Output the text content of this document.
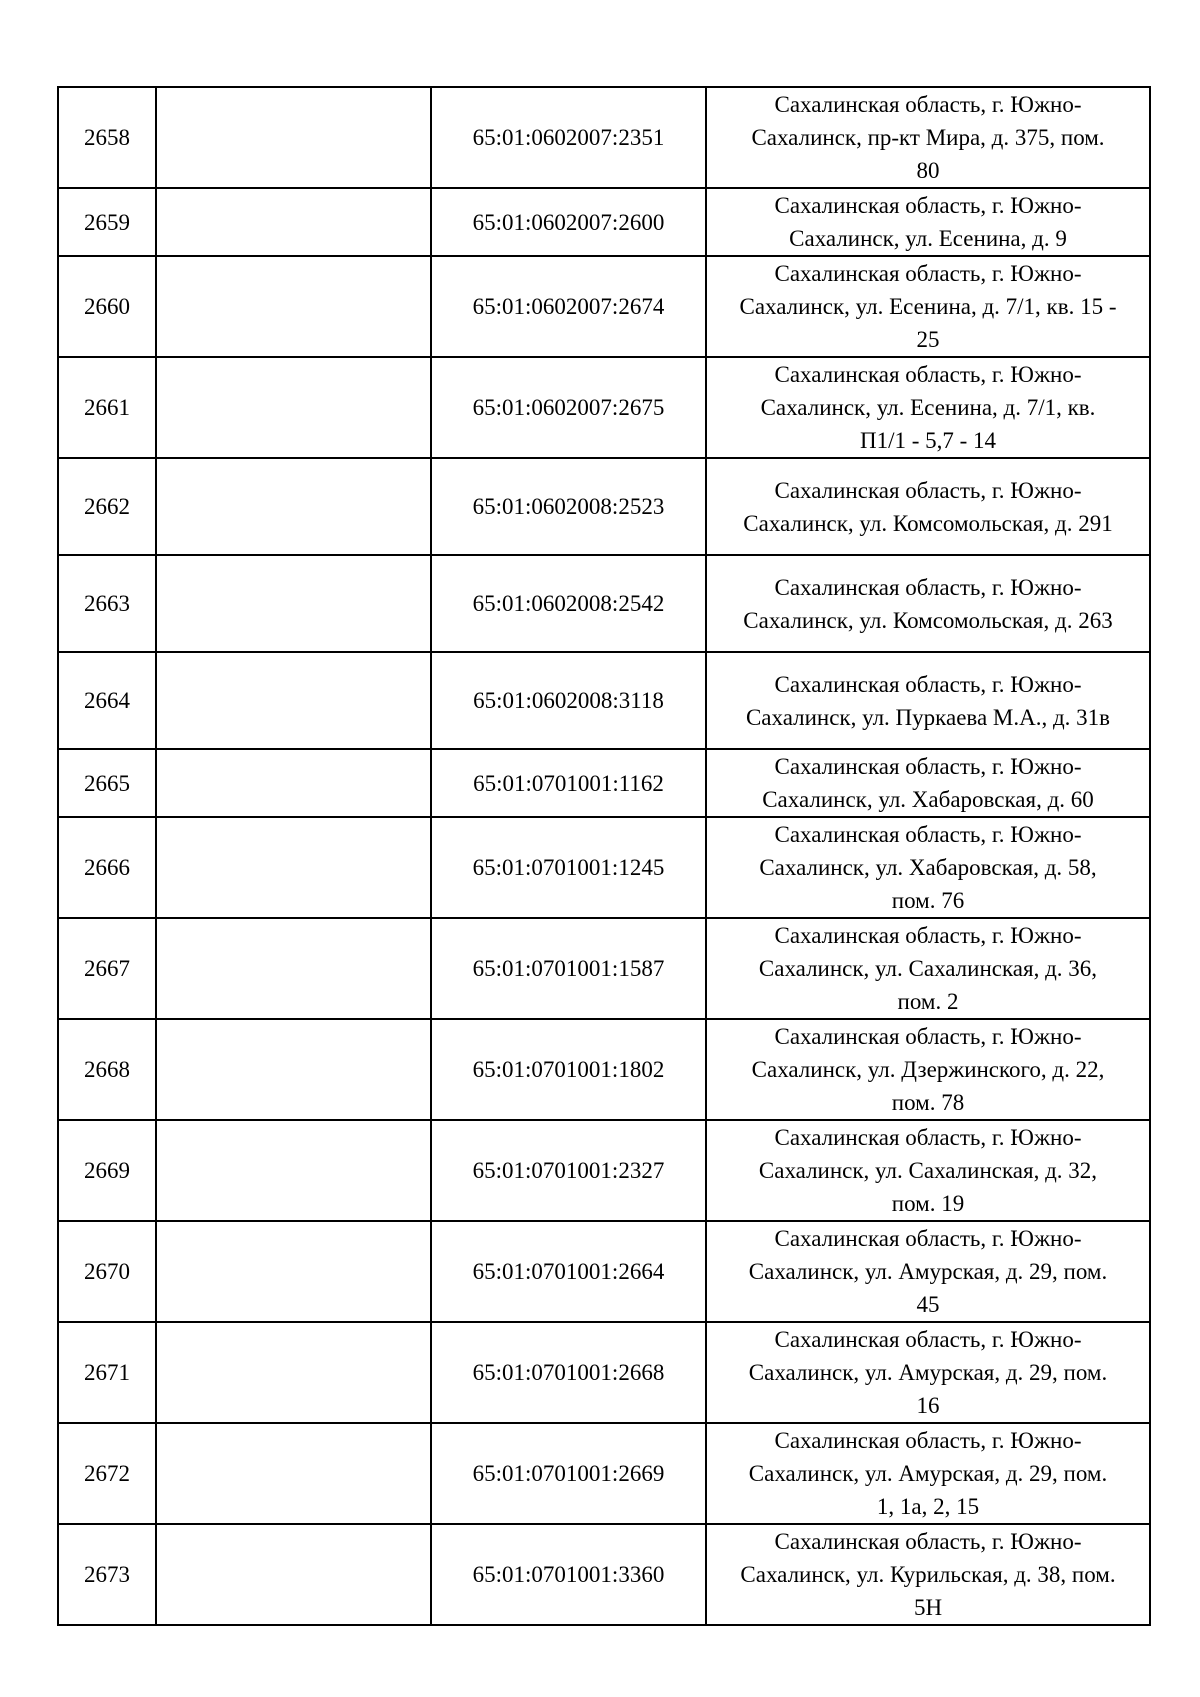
2658		65:01:0602007:2351	Сахалинская область, г. Южно-
Сахалинск, пр-кт Мира, д. 375, пом.
80

2659		65:01:0602007:2600	Сахалинская область, г. Южно-
Сахалинск, ул. Есенина, д. 9

2660		65:01:0602007:2674	Сахалинская область, г. Южно-
Сахалинск, ул. Есенина, д. 7/1, кв. 15 -
25

2661		65:01:0602007:2675	Сахалинская область, г. Южно-
Сахалинск, ул. Есенина, д. 7/1, кв.
П1/1 - 5,7 - 14

2662		65:01:0602008:2523	Сахалинская область, г. Южно-
Сахалинск, ул. Комсомольская, д. 291

2663		65:01:0602008:2542	Сахалинская область, г. Южно-
Сахалинск, ул. Комсомольская, д. 263

2664		65:01:0602008:3118	Сахалинская область, г. Южно-
Сахалинск, ул. Пуркаева М.А., д. 31в

2665		65:01:0701001:1162	Сахалинская область, г. Южно-
Сахалинск, ул. Хабаровская, д. 60

2666		65:01:0701001:1245	Сахалинская область, г. Южно-
Сахалинск, ул. Хабаровская, д. 58,
пом. 76

2667		65:01:0701001:1587	Сахалинская область, г. Южно-
Сахалинск, ул. Сахалинская, д. 36,
пом. 2

2668		65:01:0701001:1802	Сахалинская область, г. Южно-
Сахалинск, ул. Дзержинского, д. 22,
пом. 78

2669		65:01:0701001:2327	Сахалинская область, г. Южно-
Сахалинск, ул. Сахалинская, д. 32,
пом. 19

2670		65:01:0701001:2664	Сахалинская область, г. Южно-
Сахалинск, ул. Амурская, д. 29, пом.
45

2671		65:01:0701001:2668	Сахалинская область, г. Южно-
Сахалинск, ул. Амурская, д. 29, пом.
16

2672		65:01:0701001:2669	Сахалинская область, г. Южно-
Сахалинск, ул. Амурская, д. 29, пом.
1, 1а, 2, 15

2673		65:01:0701001:3360	Сахалинская область, г. Южно-
Сахалинск, ул. Курильская, д. 38, пом.
5Н
